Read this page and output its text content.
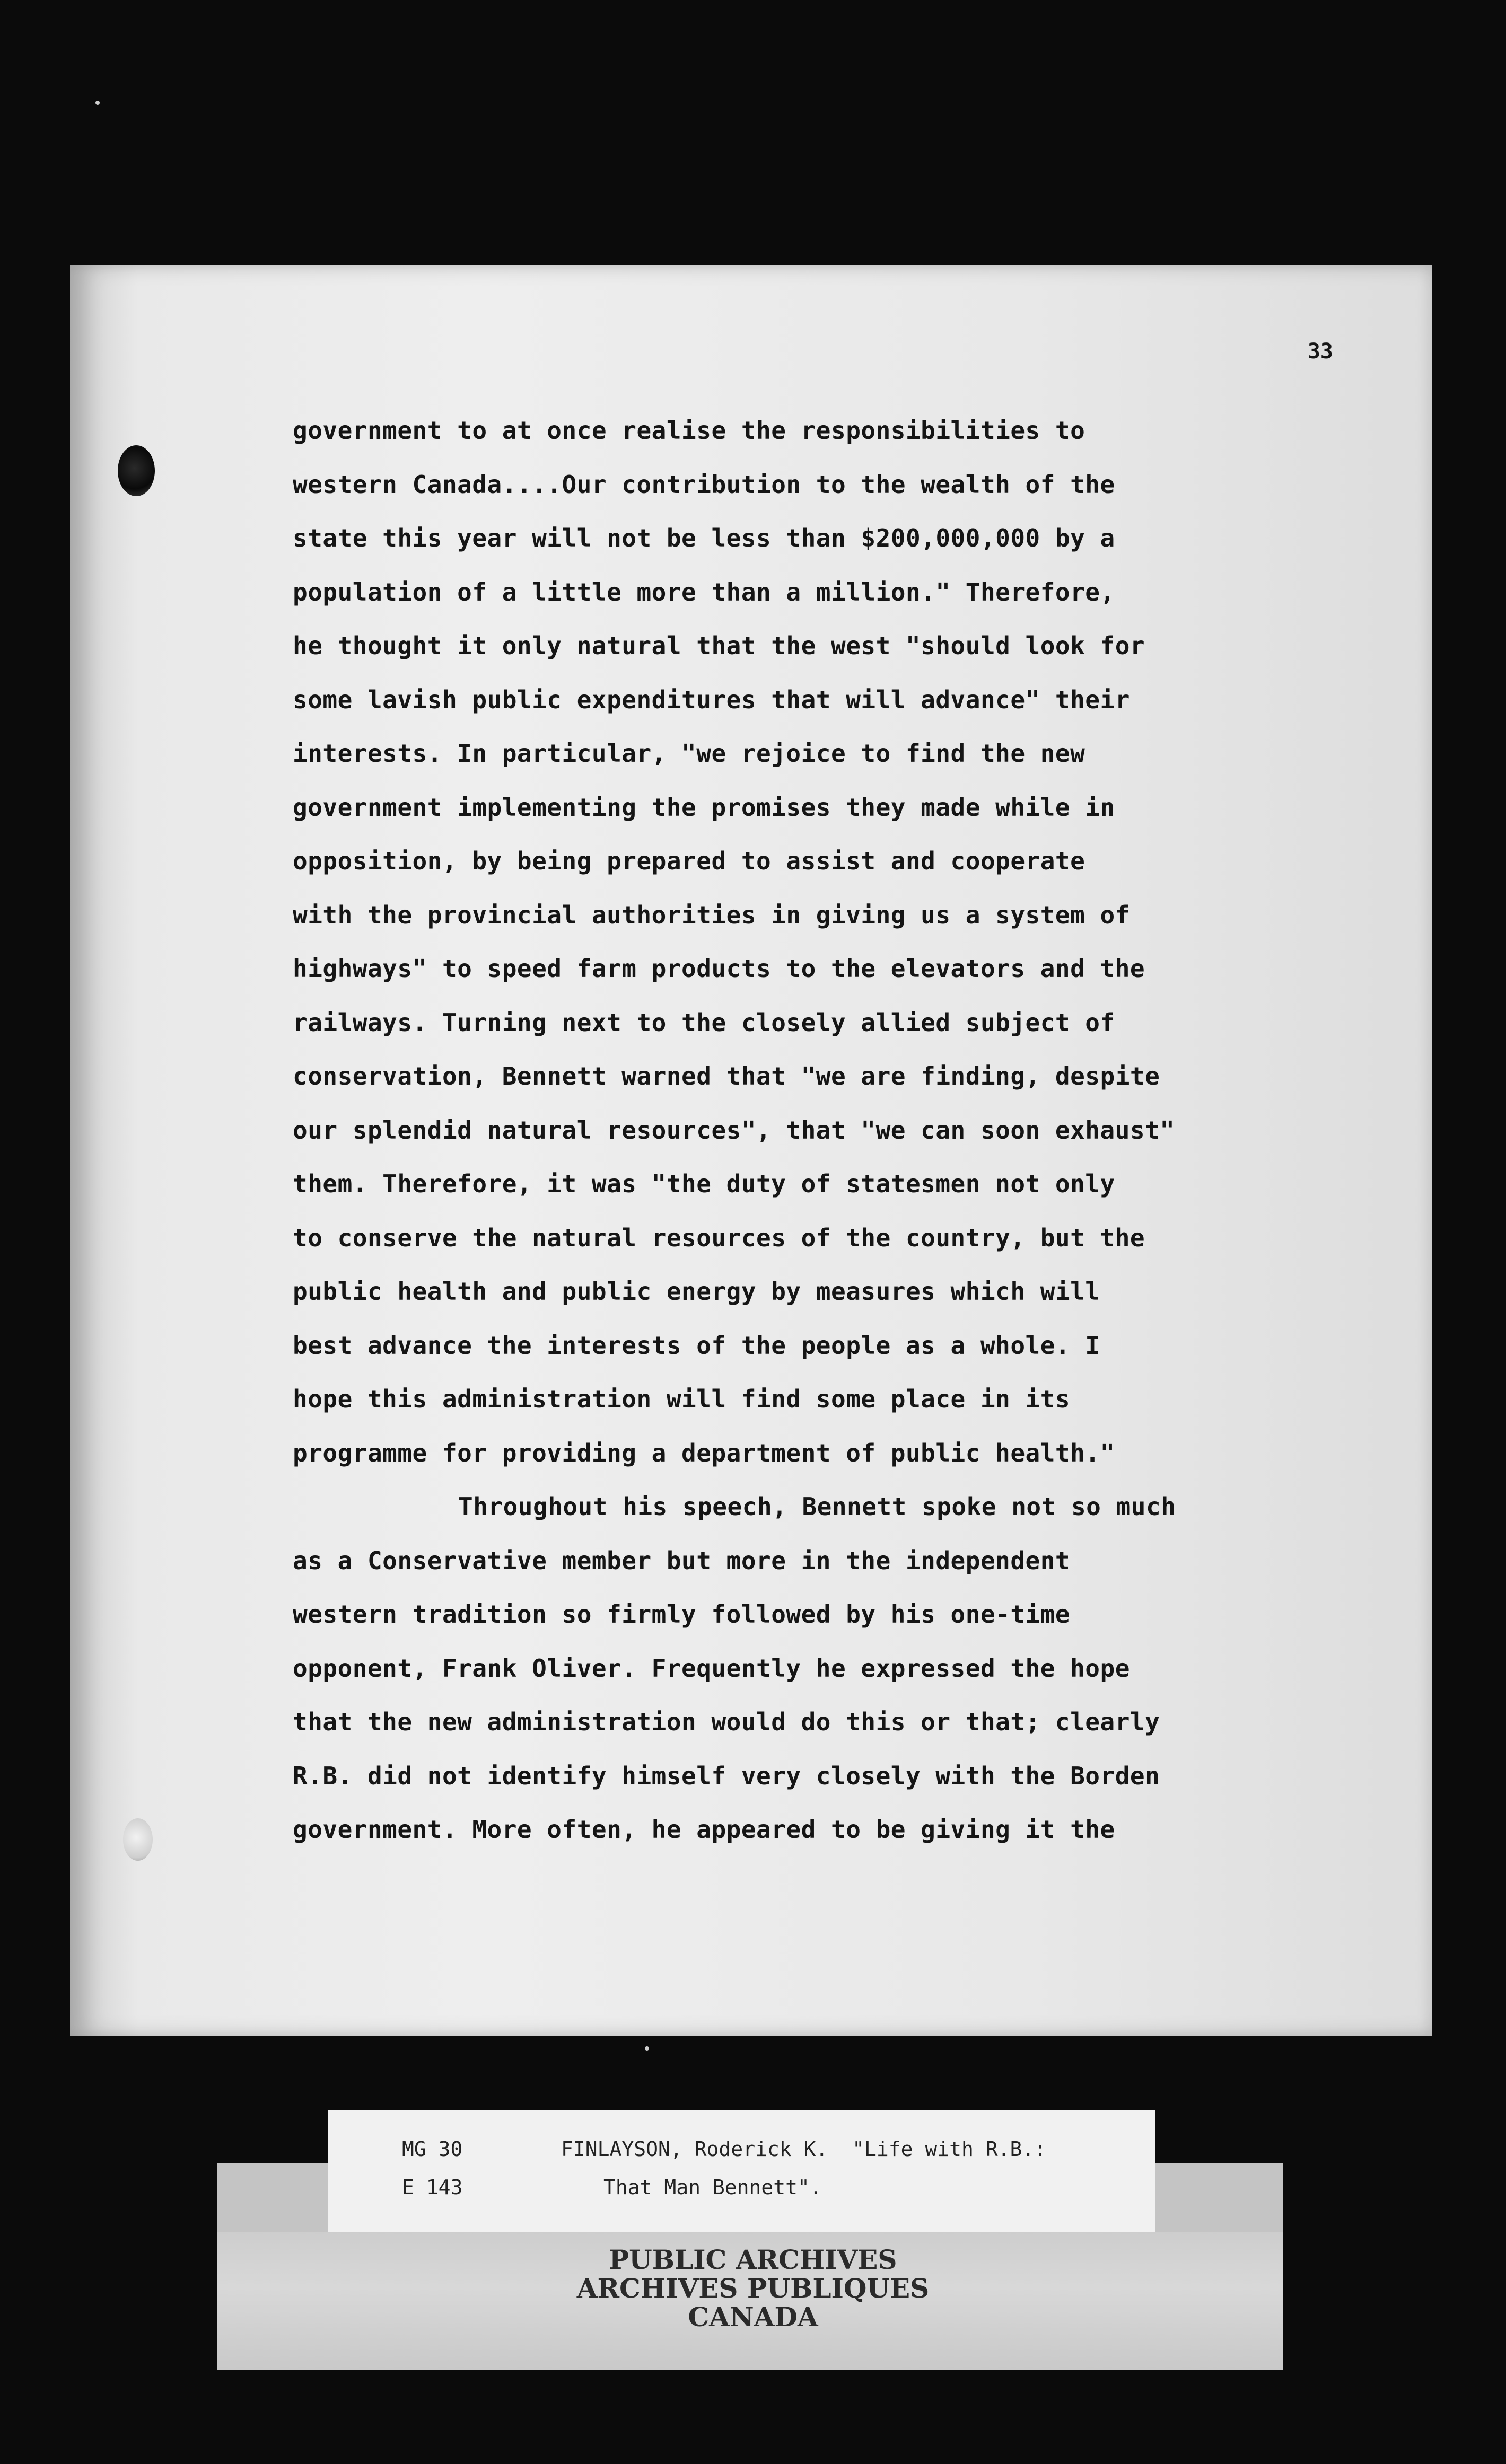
33
government to at once realise the responsibilities to
western Canada....Our contribution to the wealth of the
state this year will not be less than $200,000,000 by a
population of a little more than a million." Therefore,
he thought it only natural that the west "should look for
some lavish public expenditures that will advance" their
interests. In particular, "we rejoice to find the new
government implementing the promises they made while in
opposition, by being prepared to assist and cooperate
with the provincial authorities in giving us a system of
highways" to speed farm products to the elevators and the
railways. Turning next to the closely allied subject of
conservation, Bennett warned that "we are finding, despite
our splendid natural resources", that "we can soon exhaust"
them. Therefore, it was "the duty of statesmen not only
to conserve the natural resources of the country, but the
public health and public energy by measures which will
best advance the interests of the people as a whole. I
hope this administration will find some place in its
programme for providing a department of public health."
Throughout his speech, Bennett spoke not so much
as a Conservative member but more in the independent
western tradition so firmly followed by his one-time
opponent, Frank Oliver. Frequently he expressed the hope
that the new administration would do this or that; clearly
R.B. did not identify himself very closely with the Borden
government. More often, he appeared to be giving it the
MG 30
E 143
FINLAYSON, Roderick K.  "Life with R.B.:
That Man Bennett".
PUBLIC ARCHIVES
ARCHIVES PUBLIQUES
CANADA
